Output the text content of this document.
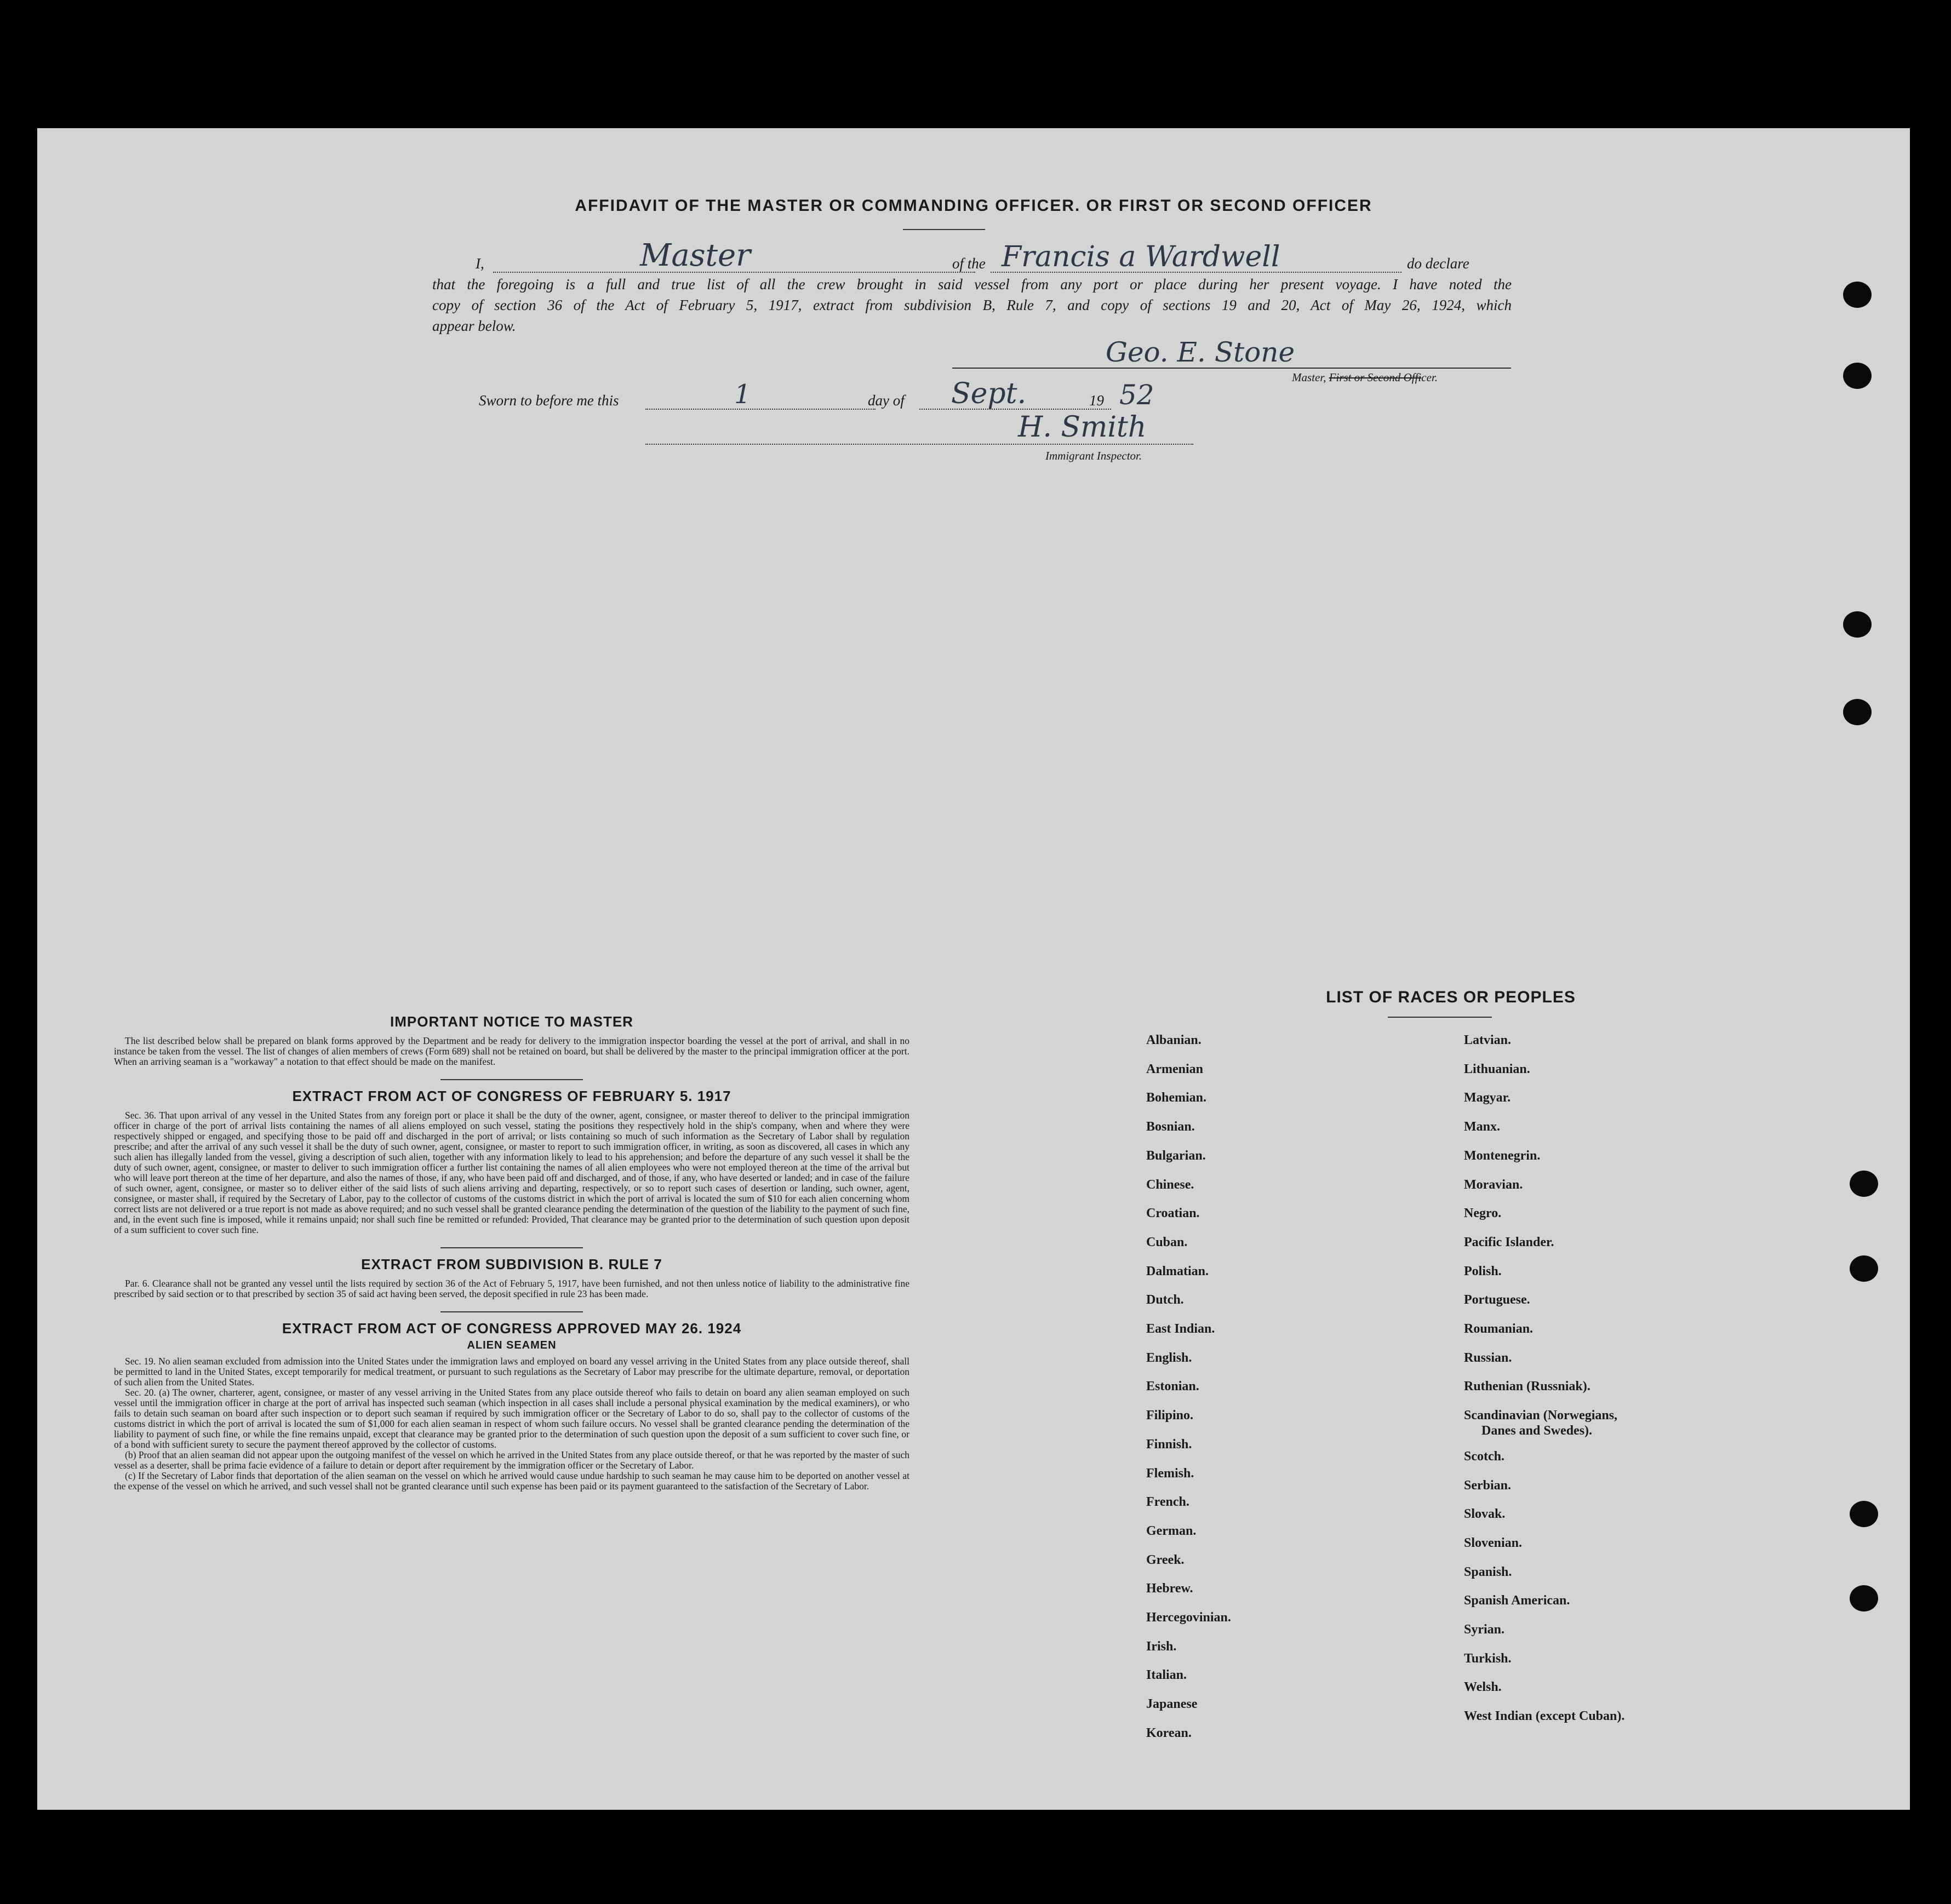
AFFIDAVIT OF THE MASTER OR COMMANDING OFFICER. OR FIRST OR SECOND OFFICER
I,	Master	of the Francis a Wardwell	do declare
that the foregoing is a full and true list of all the crew brought in said vessel from any port or place during her present voyage. I have noted the
copy of section 36 of the Act of February 5, 1917, extract from subdivision B, Rule 7, and copy of sections 19 and 20, Act of May 26, 1924, which
appear below.
Geo. E. Stone
Master, First or Second Officer.
Sworn to before me this	1	day of Sept.	19 52
H. Smith
Immigrant Inspector.
IMPORTANT NOTICE TO MASTER
The list described below shall be prepared on blank forms approved by the Department and be ready for delivery to the immigration inspector boarding the vessel at the port of arrival, and shall in no instance be taken from the vessel. The list of changes of alien members of crews (Form 689) shall not be retained on board, but shall be delivered by the master to the principal immigration officer at the port. When an arriving seaman is a "workaway" a notation to that effect should be made on the manifest.
EXTRACT FROM ACT OF CONGRESS OF FEBRUARY 5. 1917
Sec. 36. That upon arrival of any vessel in the United States from any foreign port or place it shall be the duty of the owner, agent, consignee, or master thereof to deliver to the principal immigration officer in charge of the port of arrival lists containing the names of all aliens employed on such vessel, stating the positions they respectively hold in the ship's company, when and where they were respectively shipped or engaged, and specifying those to be paid off and discharged in the port of arrival; or lists containing so much of such information as the Secretary of Labor shall by regulation prescribe; and after the arrival of any such vessel it shall be the duty of such owner, agent, consignee, or master to report to such immigration officer, in writing, as soon as discovered, all cases in which any such alien has illegally landed from the vessel, giving a description of such alien, together with any information likely to lead to his apprehension; and before the departure of any such vessel it shall be the duty of such owner, agent, consignee, or master to deliver to such immigration officer a further list containing the names of all alien employees who were not employed thereon at the time of the arrival but who will leave port thereon at the time of her departure, and also the names of those, if any, who have been paid off and discharged, and of those, if any, who have deserted or landed; and in case of the failure of such owner, agent, consignee, or master so to deliver either of the said lists of such aliens arriving and departing, respectively, or so to report such cases of desertion or landing, such owner, agent, consignee, or master shall, if required by the Secretary of Labor, pay to the collector of customs of the customs district in which the port of arrival is located the sum of $10 for each alien concerning whom correct lists are not delivered or a true report is not made as above required; and no such vessel shall be granted clearance pending the determination of the question of the liability to the payment of such fine, and, in the event such fine is imposed, while it remains unpaid; nor shall such fine be remitted or refunded: Provided, That clearance may be granted prior to the determination of such question upon deposit of a sum sufficient to cover such fine.
EXTRACT FROM SUBDIVISION B. RULE 7
Par. 6. Clearance shall not be granted any vessel until the lists required by section 36 of the Act of February 5, 1917, have been furnished, and not then unless notice of liability to the administrative fine prescribed by said section or to that prescribed by section 35 of said act having been served, the deposit specified in rule 23 has been made.
EXTRACT FROM ACT OF CONGRESS APPROVED MAY 26. 1924
ALIEN SEAMEN
Sec. 19. No alien seaman excluded from admission into the United States under the immigration laws and employed on board any vessel arriving in the United States from any place outside thereof, shall be permitted to land in the United States, except temporarily for medical treatment, or pursuant to such regulations as the Secretary of Labor may prescribe for the ultimate departure, removal, or deportation of such alien from the United States.
Sec. 20. (a) The owner, charterer, agent, consignee, or master of any vessel arriving in the United States from any place outside thereof who fails to detain on board any alien seaman employed on such vessel until the immigration officer in charge at the port of arrival has inspected such seaman (which inspection in all cases shall include a personal physical examination by the medical examiners), or who fails to detain such seaman on board after such inspection or to deport such seaman if required by such immigration officer or the Secretary of Labor to do so, shall pay to the collector of customs of the customs district in which the port of arrival is located the sum of $1,000 for each alien seaman in respect of whom such failure occurs. No vessel shall be granted clearance pending the determination of the liability to payment of such fine, or while the fine remains unpaid, except that clearance may be granted prior to the determination of such question upon the deposit of a sum sufficient to cover such fine, or of a bond with sufficient surety to secure the payment thereof approved by the collector of customs.
(b) Proof that an alien seaman did not appear upon the outgoing manifest of the vessel on which he arrived in the United States from any place outside thereof, or that he was reported by the master of such vessel as a deserter, shall be prima facie evidence of a failure to detain or deport after requirement by the immigration officer or the Secretary of Labor.
(c) If the Secretary of Labor finds that deportation of the alien seaman on the vessel on which he arrived would cause undue hardship to such seaman he may cause him to be deported on another vessel at the expense of the vessel on which he arrived, and such vessel shall not be granted clearance until such expense has been paid or its payment guaranteed to the satisfaction of the Secretary of Labor.
LIST OF RACES OR PEOPLES
Albanian.
Armenian
Bohemian.
Bosnian.
Bulgarian.
Chinese.
Croatian.
Cuban.
Dalmatian.
Dutch.
East Indian.
English.
Estonian.
Filipino.
Finnish.
Flemish.
French.
German.
Greek.
Hebrew.
Hercegovinian.
Irish.
Italian.
Japanese
Korean.
Latvian.
Lithuanian.
Magyar.
Manx.
Montenegrin.
Moravian.
Negro.
Pacific Islander.
Polish.
Portuguese.
Roumanian.
Russian.
Ruthenian (Russniak).
Scandinavian (Norwegians,
Danes and Swedes).
Scotch.
Serbian.
Slovak.
Slovenian.
Spanish.
Spanish American.
Syrian.
Turkish.
Welsh.
West Indian (except Cuban).
